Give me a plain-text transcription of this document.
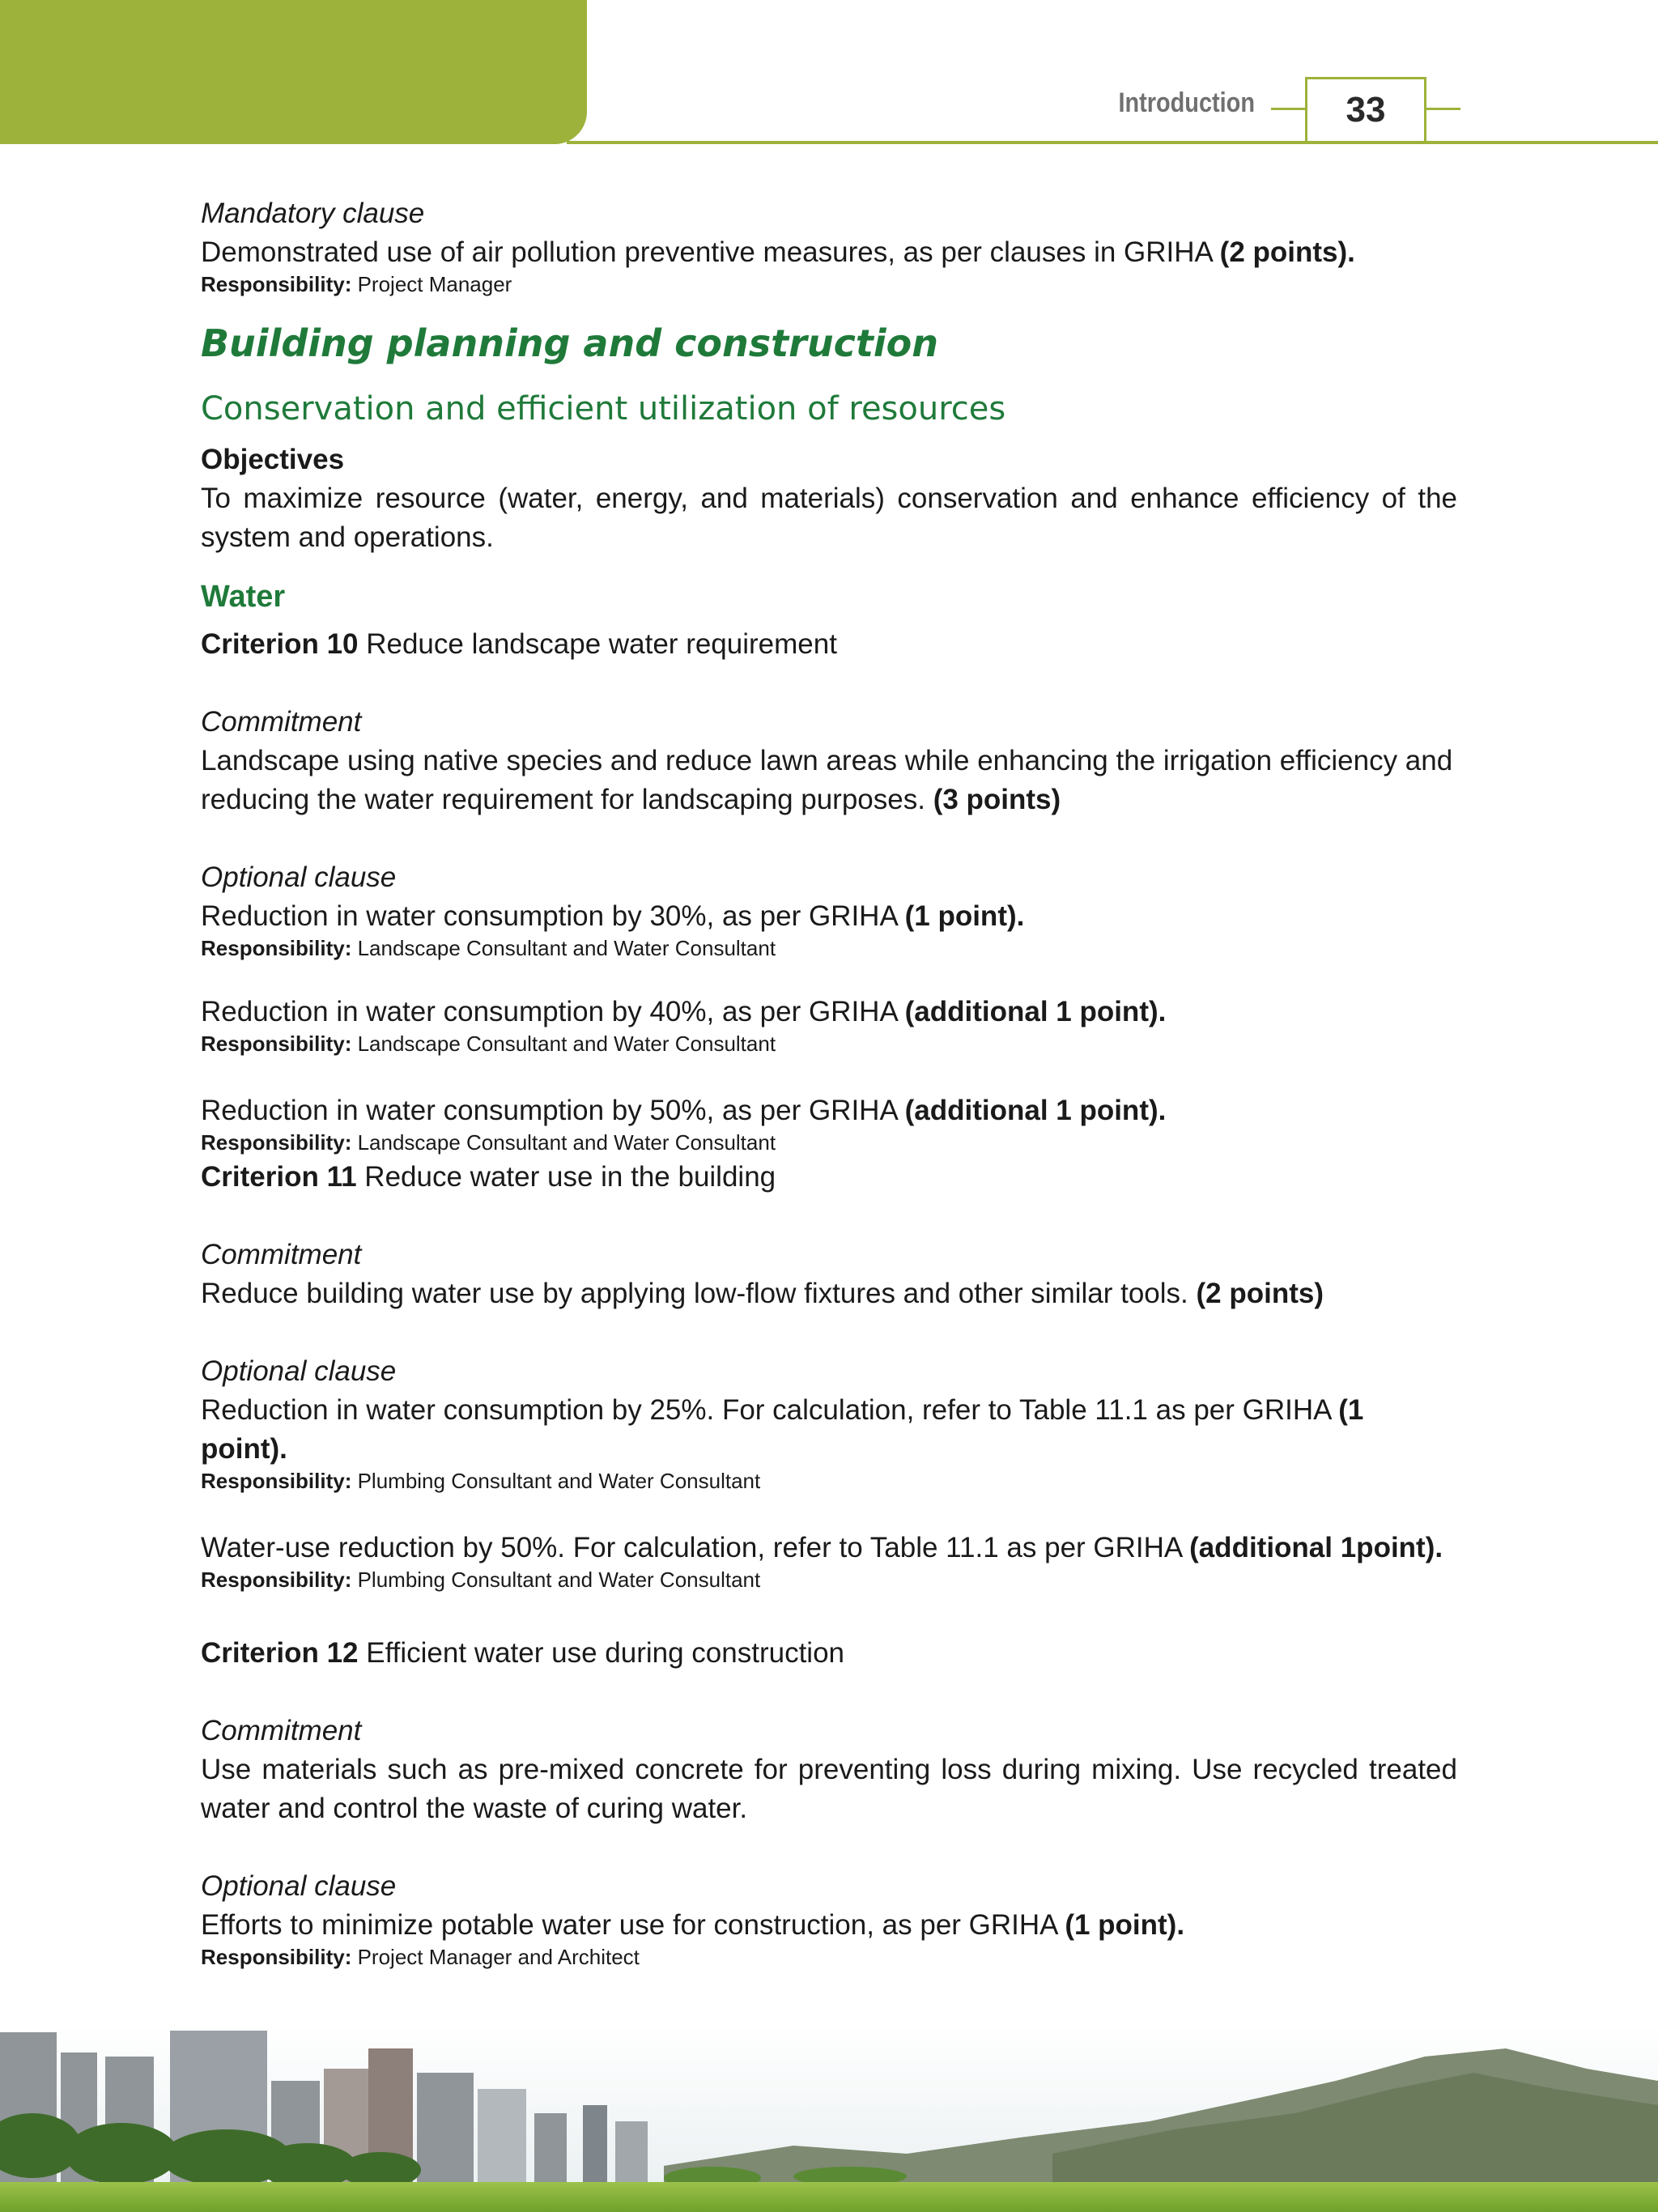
Introduction	33
Mandatory clause
Demonstrated use of air pollution preventive measures, as per clauses in GRIHA (2 points).
Responsibility: Project Manager
Building planning and construction
Conservation and efficient utilization of resources
Objectives
To maximize resource (water, energy, and materials) conservation and enhance efficiency of the system and operations.
Water
Criterion 10 Reduce landscape water requirement
Commitment
Landscape using native species and reduce lawn areas while enhancing the irrigation efficiency and reducing the water requirement for landscaping purposes. (3 points)
Optional clause
Reduction in water consumption by 30%, as per GRIHA (1 point).
Responsibility: Landscape Consultant and Water Consultant
Reduction in water consumption by 40%, as per GRIHA (additional 1 point).
Responsibility: Landscape Consultant and Water Consultant
Reduction in water consumption by 50%, as per GRIHA (additional 1 point).
Responsibility: Landscape Consultant and Water Consultant
Criterion 11 Reduce water use in the building
Commitment
Reduce building water use by applying low-flow fixtures and other similar tools. (2 points)
Optional clause
Reduction in water consumption by 25%. For calculation, refer to Table 11.1 as per GRIHA (1 point).
Responsibility: Plumbing Consultant and Water Consultant
Water-use reduction by 50%. For calculation, refer to Table 11.1 as per GRIHA (additional 1point).
Responsibility: Plumbing Consultant and Water Consultant
Criterion 12 Efficient water use during construction
Commitment
Use materials such as pre-mixed concrete for preventing loss during mixing. Use recycled treated water and control the waste of curing water.
Optional clause
Efforts to minimize potable water use for construction, as per GRIHA (1 point).
Responsibility: Project Manager and Architect
